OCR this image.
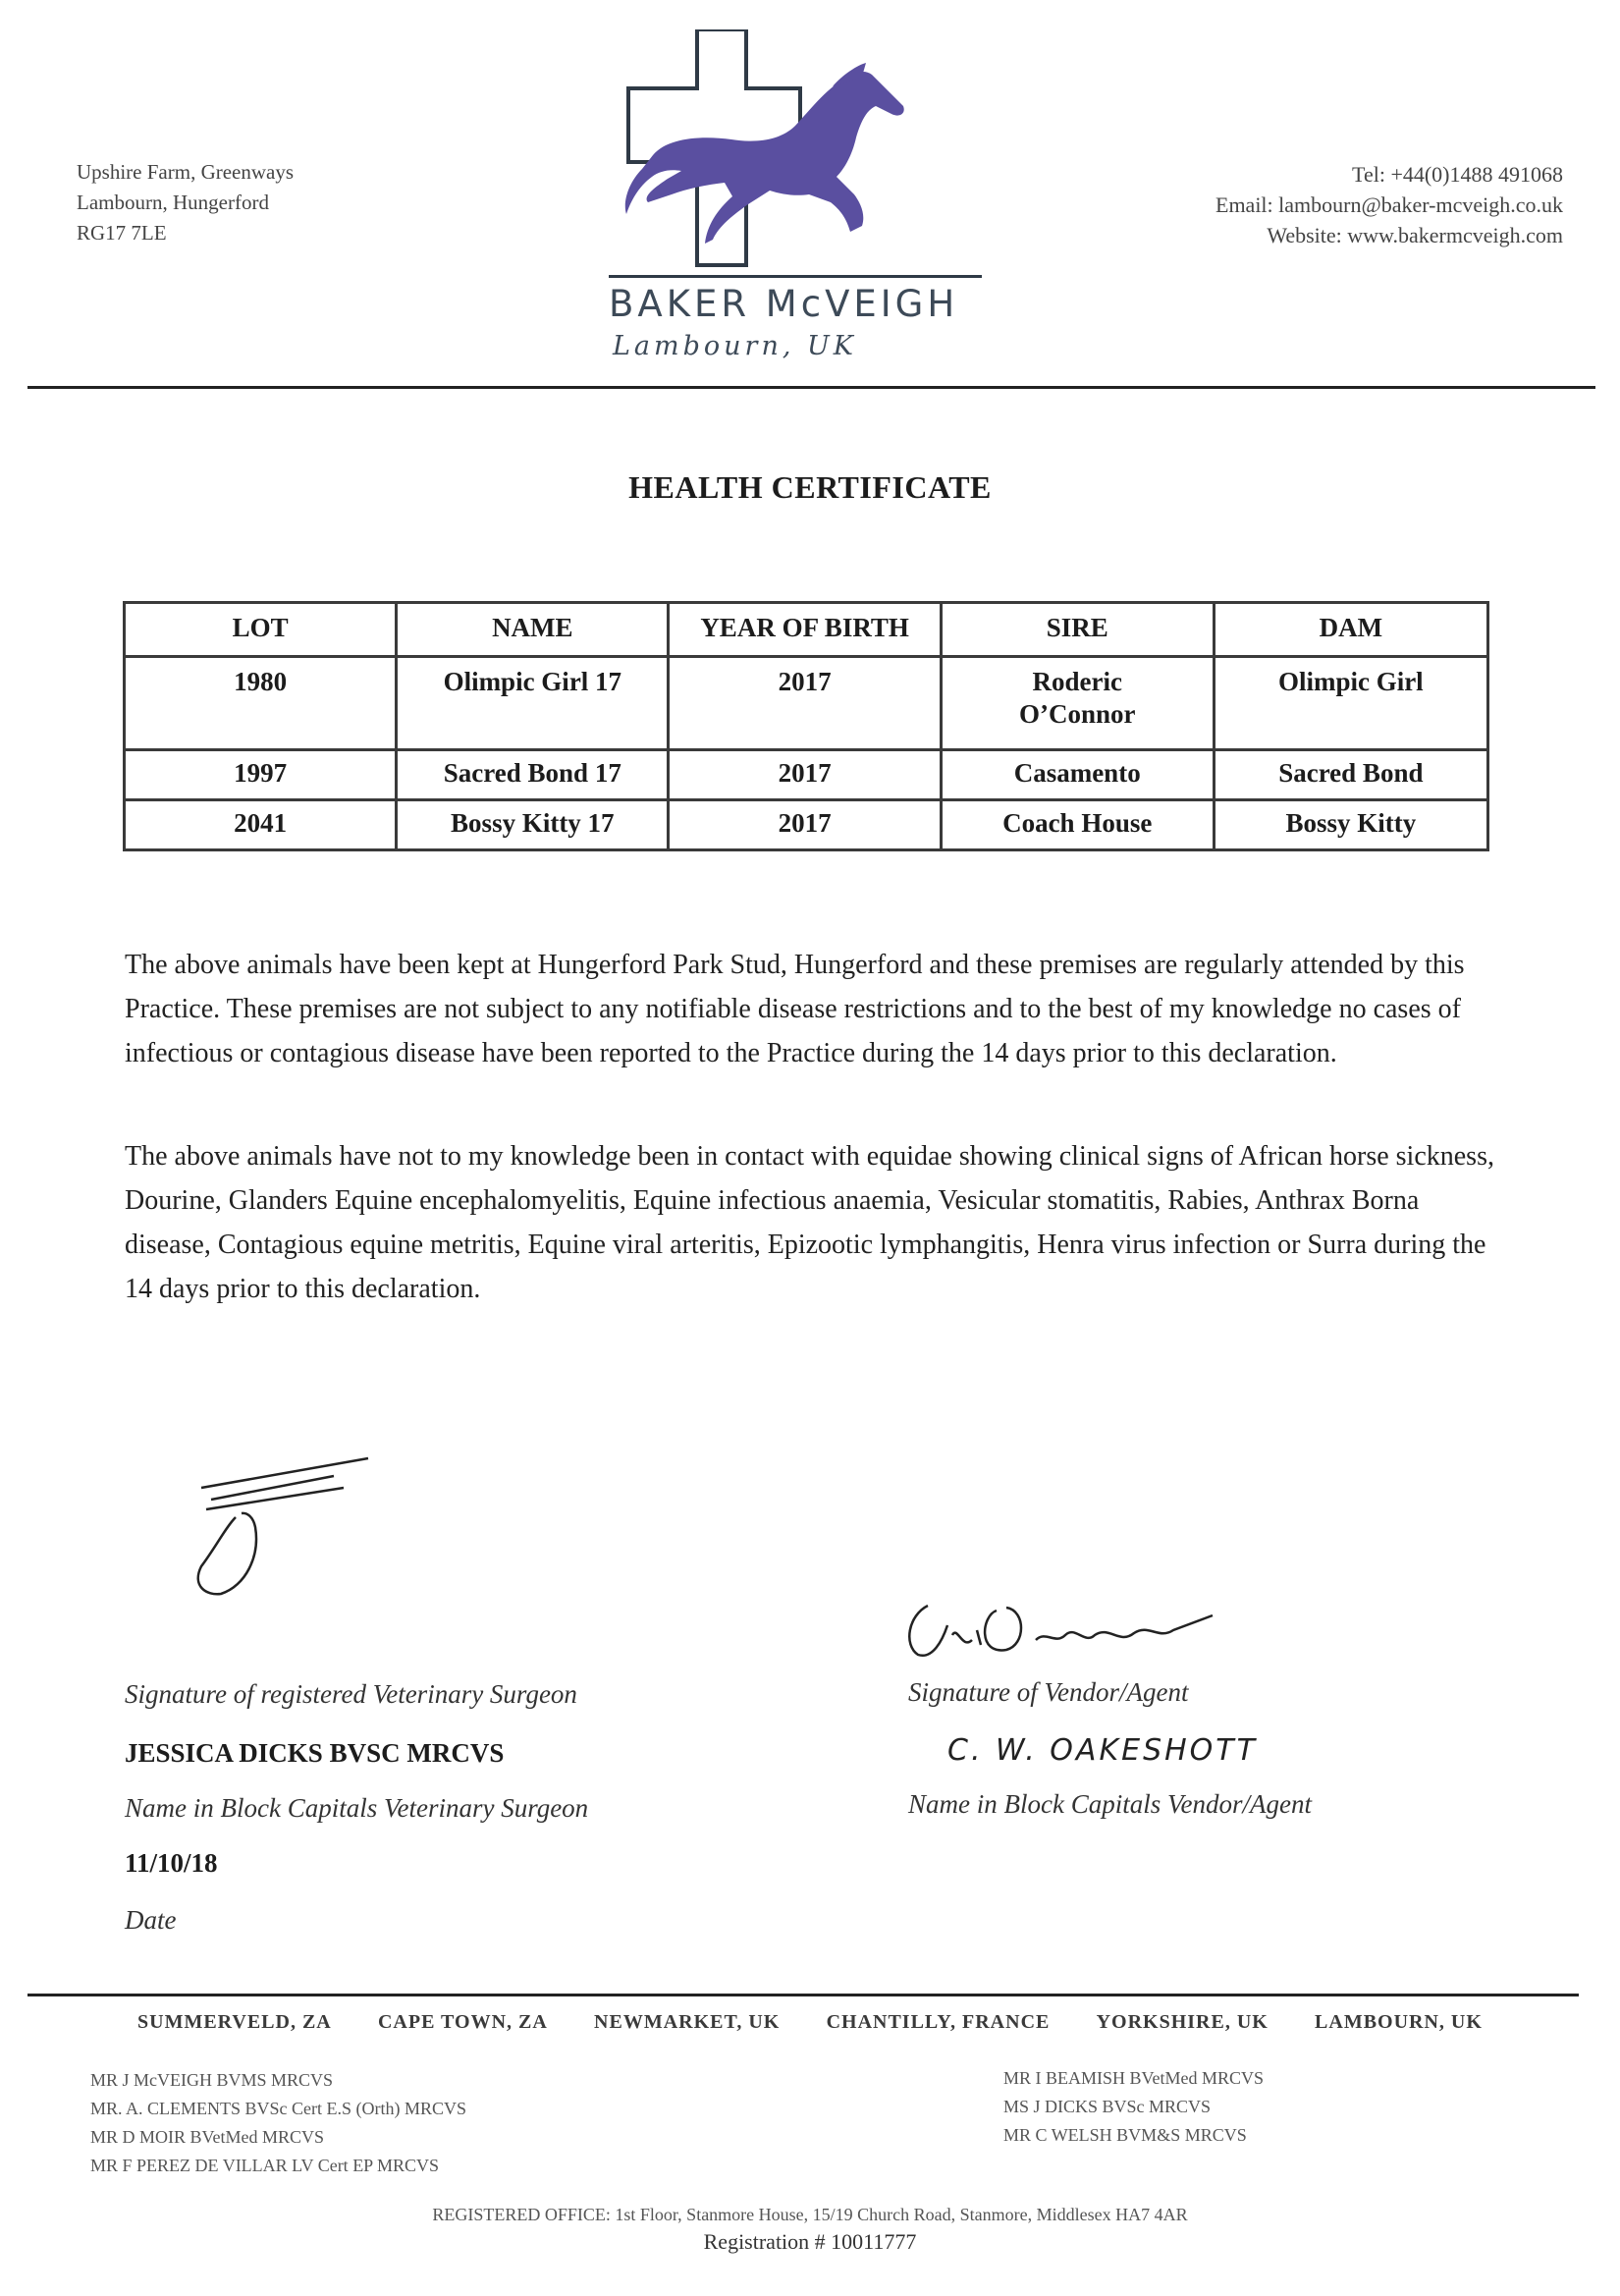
Upshire Farm, Greenways
Lambourn, Hungerford
RG17 7LE
BAKER McVEIGH
Lambourn, UK
Tel: +44(0)1488 491068
Email: lambourn@baker-mcveigh.co.uk
Website: www.bakermcveigh.com
HEALTH CERTIFICATE
LOT	NAME	YEAR OF BIRTH	SIRE	DAM
1980	Olimpic Girl 17	2017	Roderic O’Connor	Olimpic Girl
1997	Sacred Bond 17	2017	Casamento	Sacred Bond
2041	Bossy Kitty 17	2017	Coach House	Bossy Kitty
The above animals have been kept at Hungerford Park Stud, Hungerford and these premises are regularly attended by this Practice. These premises are not subject to any notifiable disease restrictions and to the best of my knowledge no cases of infectious or contagious disease have been reported to the Practice during the 14 days prior to this declaration.
The above animals have not to my knowledge been in contact with equidae showing clinical signs of African horse sickness, Dourine, Glanders Equine encephalomyelitis, Equine infectious anaemia, Vesicular stomatitis, Rabies, Anthrax Borna disease, Contagious equine metritis, Equine viral arteritis, Epizootic lymphangitis, Henra virus infection or Surra during the 14 days prior to this declaration.
Signature of registered Veterinary Surgeon
JESSICA DICKS BVSC MRCVS
Name in Block Capitals Veterinary Surgeon
11/10/18
Date
Signature of Vendor/Agent
C. W. OAKESHOTT
Name in Block Capitals Vendor/Agent
SUMMERVELD, ZA CAPE TOWN, ZA NEWMARKET, UK CHANTILLY, FRANCE YORKSHIRE, UK LAMBOURN, UK
MR J McVEIGH BVMS MRCVS
MR. A. CLEMENTS BVSc Cert E.S (Orth) MRCVS
MR D MOIR BVetMed MRCVS
MR F PEREZ DE VILLAR LV Cert EP MRCVS
MR I BEAMISH BVetMed MRCVS
MS J DICKS BVSc MRCVS
MR C WELSH BVM&S MRCVS
REGISTERED OFFICE: 1st Floor, Stanmore House, 15/19 Church Road, Stanmore, Middlesex HA7 4AR
Registration # 10011777
